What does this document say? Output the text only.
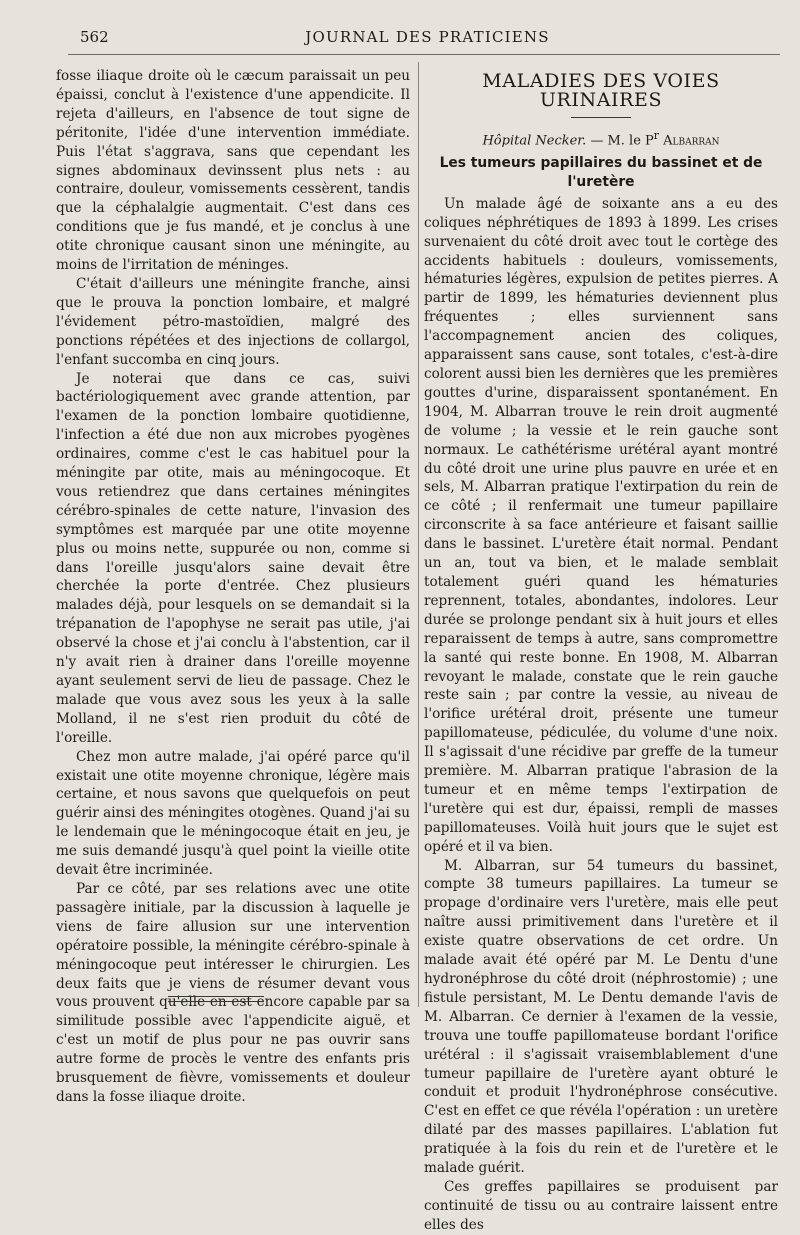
562	JOURNAL DES PRATICIENS

fosse iliaque droite où le cæcum paraissait un peu épaissi, conclut à l'existence d'une appendicite. Il rejeta d'ailleurs, en l'absence de tout signe de péritonite, l'idée d'une intervention immédiate. Puis l'état s'aggrava, sans que cependant les signes abdominaux devinssent plus nets : au contraire, douleur, vomissements cessèrent, tandis que la céphalalgie augmentait. C'est dans ces conditions que je fus mandé, et je conclus à une otite chronique causant sinon une méningite, au moins de l'irritation de méninges.

C'était d'ailleurs une méningite franche, ainsi que le prouva la ponction lombaire, et malgré l'évidement pétro-mastoïdien, malgré des ponctions répétées et des injections de collargol, l'enfant succomba en cinq jours.

Je noterai que dans ce cas, suivi bactériologiquement avec grande attention, par l'examen de la ponction lombaire quotidienne, l'infection a été due non aux microbes pyogènes ordinaires, comme c'est le cas habituel pour la méningite par otite, mais au méningocoque. Et vous retiendrez que dans certaines méningites cérébro-spinales de cette nature, l'invasion des symptômes est marquée par une otite moyenne plus ou moins nette, suppurée ou non, comme si dans l'oreille jusqu'alors saine devait être cherchée la porte d'entrée. Chez plusieurs malades déjà, pour lesquels on se demandait si la trépanation de l'apophyse ne serait pas utile, j'ai observé la chose et j'ai conclu à l'abstention, car il n'y avait rien à drainer dans l'oreille moyenne ayant seulement servi de lieu de passage. Chez le malade que vous avez sous les yeux à la salle Molland, il ne s'est rien produit du côté de l'oreille.

Chez mon autre malade, j'ai opéré parce qu'il existait une otite moyenne chronique, légère mais certaine, et nous savons que quelquefois on peut guérir ainsi des méningites otogènes. Quand j'ai su le lendemain que le méningocoque était en jeu, je me suis demandé jusqu'à quel point la vieille otite devait être incriminée.

Par ce côté, par ses relations avec une otite passagère initiale, par la discussion à laquelle je viens de faire allusion sur une intervention opératoire possible, la méningite cérébro-spinale à méningocoque peut intéresser le chirurgien. Les deux faits que je viens de résumer devant vous vous prouvent qu'elle en est encore capable par sa similitude possible avec l'appendicite aiguë, et c'est un motif de plus pour ne pas ouvrir sans autre forme de procès le ventre des enfants pris brusquement de fièvre, vomissements et douleur dans la fosse iliaque droite.

MALADIES DES VOIES URINAIRES
Hôpital Necker. — M. le $P^r$ Albarran
Les tumeurs papillaires du bassinet et de l'uretère

Un malade âgé de soixante ans a eu des coliques néphrétiques de 1893 à 1899. Les crises survenaient du côté droit avec tout le cortège des accidents habituels : douleurs, vomissements, hématuries légères, expulsion de petites pierres. A partir de 1899, les hématuries deviennent plus fréquentes ; elles surviennent sans l'accompagnement ancien des coliques, apparaissent sans cause, sont totales, c'est-à-dire colorent aussi bien les dernières que les premières gouttes d'urine, disparaissent spontanément. En 1904, M. Albarran trouve le rein droit augmenté de volume ; la vessie et le rein gauche sont normaux. Le cathétérisme urétéral ayant montré du côté droit une urine plus pauvre en urée et en sels, M. Albarran pratique l'extirpation du rein de ce côté ; il renfermait une tumeur papillaire circonscrite à sa face antérieure et faisant saillie dans le bassinet. L'uretère était normal. Pendant un an, tout va bien, et le malade semblait totalement guéri quand les hématuries reprennent, totales, abondantes, indolores. Leur durée se prolonge pendant six à huit jours et elles reparaissent de temps à autre, sans compromettre la santé qui reste bonne. En 1908, M. Albarran revoyant le malade, constate que le rein gauche reste sain ; par contre la vessie, au niveau de l'orifice urétéral droit, présente une tumeur papillomateuse, pédiculée, du volume d'une noix. Il s'agissait d'une récidive par greffe de la tumeur première. M. Albarran pratique l'abrasion de la tumeur et en même temps l'extirpation de l'uretère qui est dur, épaissi, rempli de masses papillomateuses. Voilà huit jours que le sujet est opéré et il va bien.

M. Albarran, sur 54 tumeurs du bassinet, compte 38 tumeurs papillaires. La tumeur se propage d'ordinaire vers l'uretère, mais elle peut naître aussi primitivement dans l'uretère et il existe quatre observations de cet ordre. Un malade avait été opéré par M. Le Dentu d'une hydronéphrose du côté droit (néphrostomie) ; une fistule persistant, M. Le Dentu demande l'avis de M. Albarran. Ce dernier à l'examen de la vessie, trouva une touffe papillomateuse bordant l'orifice urétéral : il s'agissait vraisemblablement d'une tumeur papillaire de l'uretère ayant obturé le conduit et produit l'hydronéphrose consécutive. C'est en effet ce que révéla l'opération : un uretère dilaté par des masses papillaires. L'ablation fut pratiquée à la fois du rein et de l'uretère et le malade guérit.

Ces greffes papillaires se produisent par continuité de tissu ou au contraire laissent entre elles des
